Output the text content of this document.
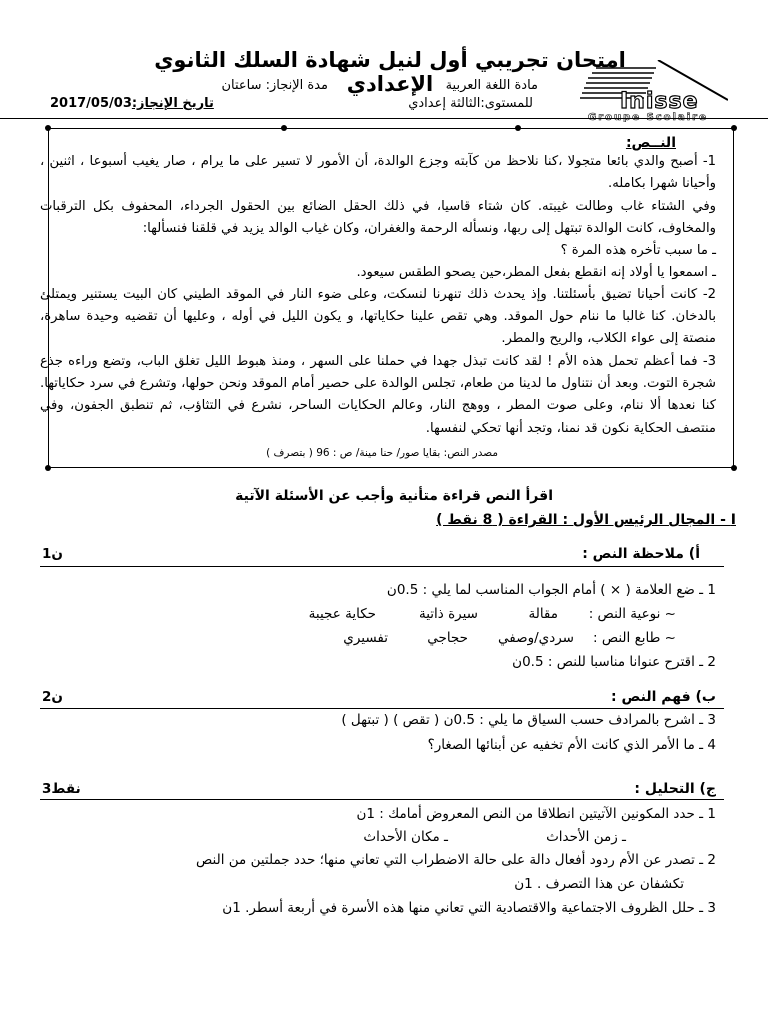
امتحان تجريبي أول لنيل شهادة السلك الثانوي الإعدادي
Inisse
Groupe Scolaire
مادة اللغة العربية
مدة الإنجاز: ساعتان
للمستوى:الثالثة إعدادي
تاريخ الإنجاز:2017/05/03
النــص:
1- أصبح والدي بائعا متجولا ،كنا نلاحظ من كآبته وجزع الوالدة، أن الأمور لا تسير على ما يرام ، صار يغيب أسبوعا ، اثنين ، وأحيانا شهرا بكامله.
وفي الشتاء غاب وطالت غيبته. كان شتاء قاسيا، في ذلك الحقل الضائع بين الحقول الجرداء، المحفوف بكل الترقبات والمخاوف، كانت الوالدة تبتهل إلى ربها، ونسأله الرحمة والغفران، وكان غياب الوالد يزيد في قلقنا فنسألها:
ـ ما سبب تأخره هذه المرة ؟
ـ اسمعوا يا أولاد إنه انقطع بفعل المطر،حين يصحو الطقس سيعود.
2- كانت أحيانا تضيق بأسئلتنا. وإذ يحدث ذلك تنهرنا لنسكت، وعلى ضوء النار في الموقد الطيني كان البيت يستنير ويمتلئ بالدخان. كنا غالبا ما ننام حول الموقد. وهي تقص علينا حكاياتها، و يكون الليل في أوله ، وعليها أن تقضيه وحيدة ساهرة، منصتة إلى عواء الكلاب، والريح والمطر.
3- فما أعظم تحمل هذه الأم ! لقد كانت تبذل جهدا في حملنا على السهر ، ومنذ هبوط الليل تغلق الباب، وتضع وراءه جذع شجرة التوت. وبعد أن نتناول ما لدينا من طعام، تجلس الوالدة على حصير أمام الموقد ونحن حولها، وتشرع في سرد حكاياتها. كنا نعدها ألا ننام، وعلى صوت المطر ، ووهج النار، وعالم الحكايات الساحر، نشرع في التثاؤب، ثم تنطبق الجفون، وفي منتصف الحكاية نكون قد نمنا، وتجد أنها تحكي لنفسها.
مصدر النص: بقايا صور/ حنا مينة/ ص : 96 ( بتصرف )
اقرأ النص قراءة متأنية وأجب عن الأسئلة الآتية
I - المجال الرئيس الأول : القراءة ( 8 نقط )
أ) ملاحظة النص :
1ن
1 ـ ضع العلامة ( × ) أمام الجواب المناسب لما يلي : 0.5ن
~ نوعية النص :
مقالة
سيرة ذاتية
حكاية عجيبة
~ طابع النص :
سردي/وصفي
حجاجي
تفسيري
2 ـ اقترح عنوانا مناسبا للنص : 0.5ن
ب) فهم النص :
2ن
3 ـ اشرح بالمرادف حسب السياق ما يلي : 0.5ن ( تقص ) ( تبتهل )
4 ـ ما الأمر الذي كانت الأم تخفيه عن أبنائها الصغار؟
ج) التحليل :
3نقط
1 ـ حدد المكونين الآتيتين انطلاقا من النص المعروض أمامك : 1ن
ـ زمن الأحداث
ـ مكان الأحداث
2 ـ تصدر عن الأم ردود أفعال دالة على حالة الاضطراب التي تعاني منها؛ حدد جملتين من النص
تكشفان عن هذا التصرف . 1ن
3 ـ حلل الظروف الاجتماعية والاقتصادية التي تعاني منها هذه الأسرة في أربعة أسطر. 1ن
